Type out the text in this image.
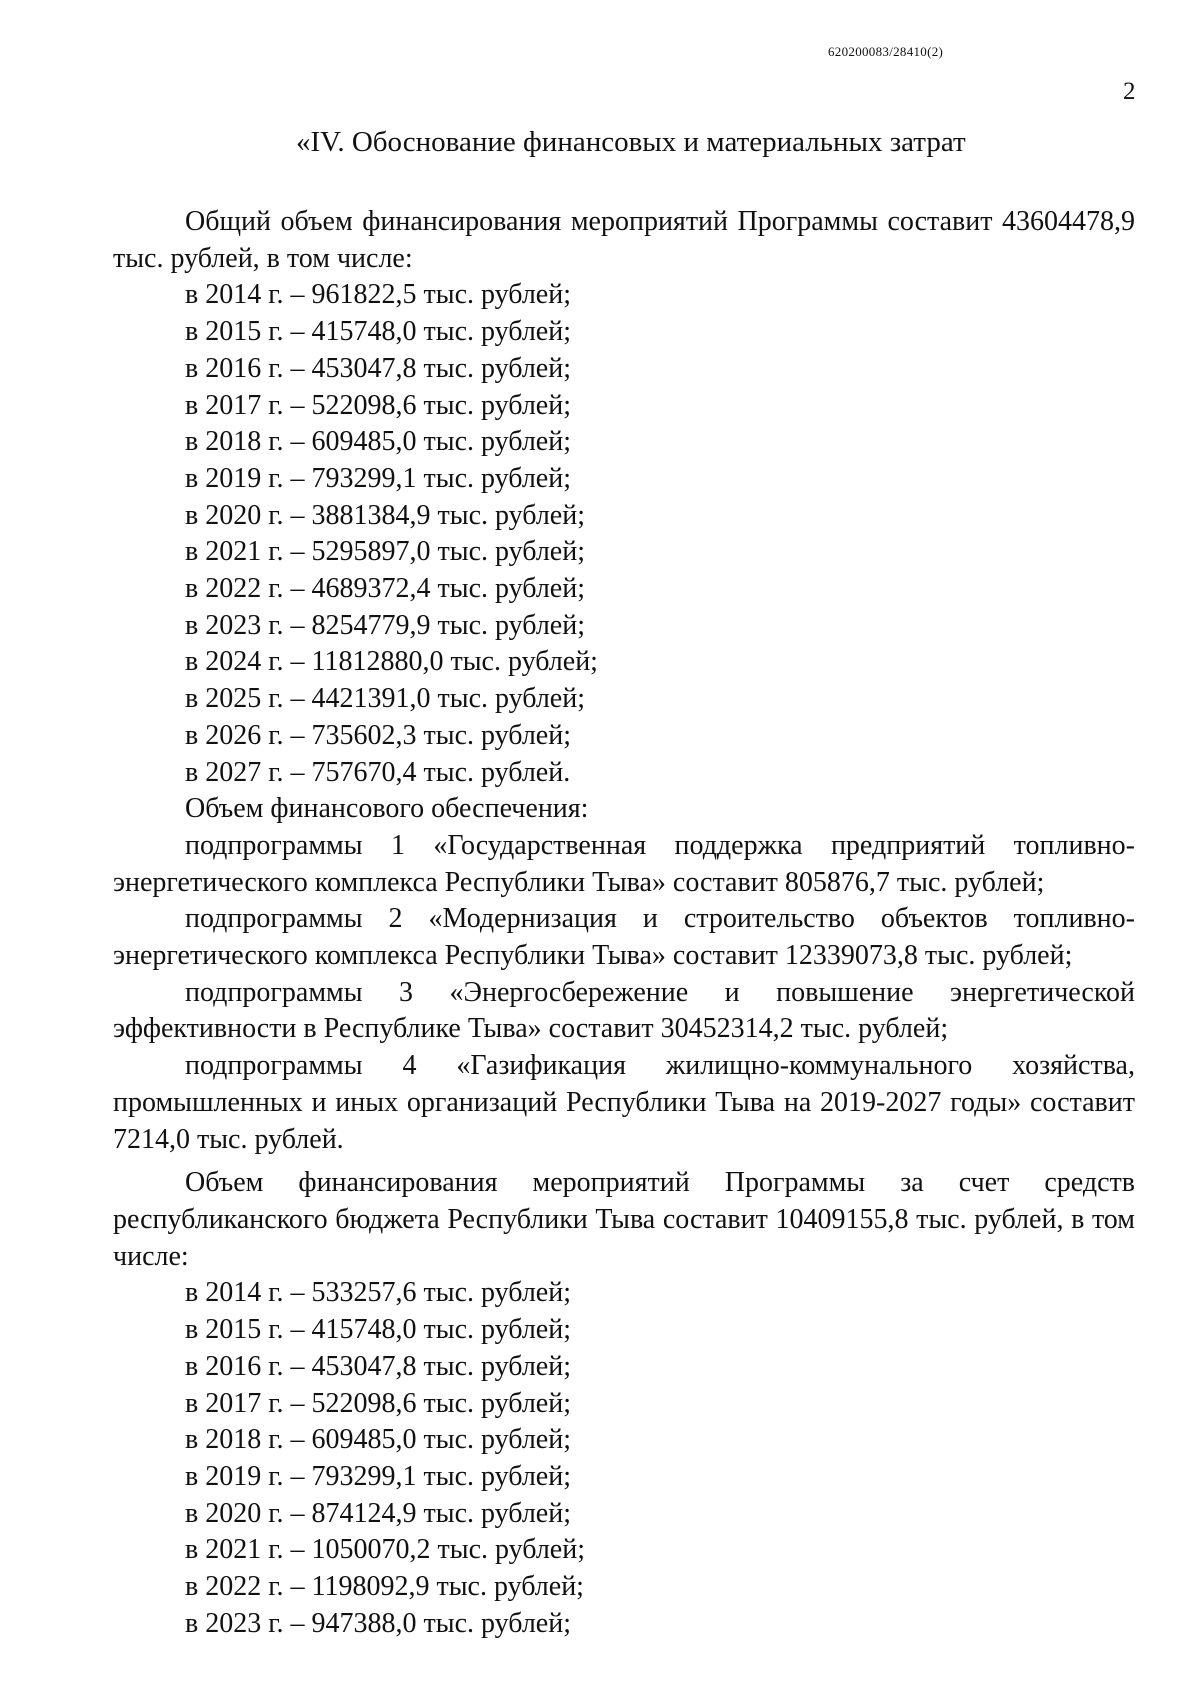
620200083/28410(2)
2
«IV. Обоснование финансовых и материальных затрат

Общий объем финансирования мероприятий Программы составит 43604478,9 тыс. рублей, в том числе:

в 2014 г. – 961822,5 тыс. рублей;

в 2015 г. – 415748,0 тыс. рублей;

в 2016 г. – 453047,8 тыс. рублей;

в 2017 г. – 522098,6 тыс. рублей;

в 2018 г. – 609485,0 тыс. рублей;

в 2019 г. – 793299,1 тыс. рублей;

в 2020 г. – 3881384,9 тыс. рублей;

в 2021 г. – 5295897,0 тыс. рублей;

в 2022 г. – 4689372,4 тыс. рублей;

в 2023 г. – 8254779,9 тыс. рублей;

в 2024 г. – 11812880,0 тыс. рублей;

в 2025 г. – 4421391,0 тыс. рублей;

в 2026 г. – 735602,3 тыс. рублей;

в 2027 г. – 757670,4 тыс. рублей.

Объем финансового обеспечения:

подпрограммы 1 «Государственная поддержка предприятий топливно-энергетического комплекса Республики Тыва» составит 805876,7 тыс. рублей;

подпрограммы 2 «Модернизация и строительство объектов топливно-энергетического комплекса Республики Тыва» составит 12339073,8 тыс. рублей;

подпрограммы 3 «Энергосбережение и повышение энергетической эффективности в Республике Тыва» составит 30452314,2 тыс. рублей;

подпрограммы 4 «Газификация жилищно-коммунального хозяйства, промышленных и иных организаций Республики Тыва на 2019-2027 годы» составит 7214,0 тыс. рублей.

Объем финансирования мероприятий Программы за счет средств республиканского бюджета Республики Тыва составит 10409155,8 тыс. рублей, в том числе:

в 2014 г. – 533257,6 тыс. рублей;

в 2015 г. – 415748,0 тыс. рублей;

в 2016 г. – 453047,8 тыс. рублей;

в 2017 г. – 522098,6 тыс. рублей;

в 2018 г. – 609485,0 тыс. рублей;

в 2019 г. – 793299,1 тыс. рублей;

в 2020 г. – 874124,9 тыс. рублей;

в 2021 г. – 1050070,2 тыс. рублей;

в 2022 г. – 1198092,9 тыс. рублей;

в 2023 г. – 947388,0 тыс. рублей;
